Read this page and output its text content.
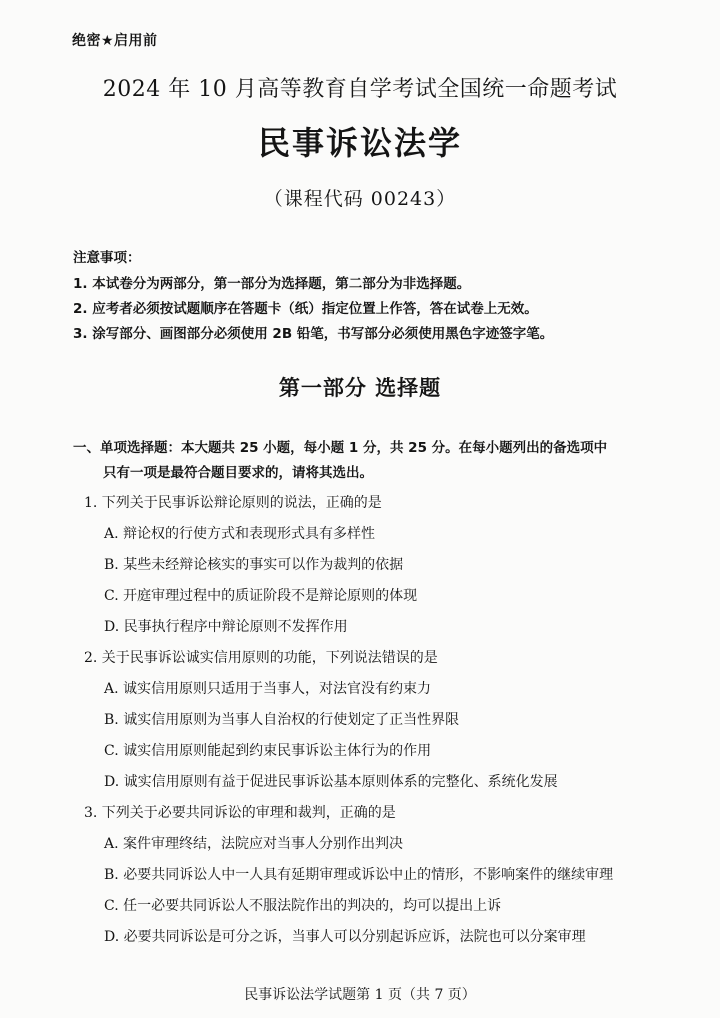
绝密★启用前
2024 年 10 月高等教育自学考试全国统一命题考试
民事诉讼法学
（课程代码 00243）
注意事项：
1. 本试卷分为两部分，第一部分为选择题，第二部分为非选择题。
2. 应考者必须按试题顺序在答题卡（纸）指定位置上作答，答在试卷上无效。
3. 涂写部分、画图部分必须使用 2B 铅笔，书写部分必须使用黑色字迹签字笔。
第一部分 选择题
一、单项选择题：本大题共 25 小题，每小题 1 分，共 25 分。在每小题列出的备选项中
只有一项是最符合题目要求的，请将其选出。
1. 下列关于民事诉讼辩论原则的说法，正确的是
A. 辩论权的行使方式和表现形式具有多样性
B. 某些未经辩论核实的事实可以作为裁判的依据
C. 开庭审理过程中的质证阶段不是辩论原则的体现
D. 民事执行程序中辩论原则不发挥作用
2. 关于民事诉讼诚实信用原则的功能，下列说法错误的是
A. 诚实信用原则只适用于当事人，对法官没有约束力
B. 诚实信用原则为当事人自治权的行使划定了正当性界限
C. 诚实信用原则能起到约束民事诉讼主体行为的作用
D. 诚实信用原则有益于促进民事诉讼基本原则体系的完整化、系统化发展
3. 下列关于必要共同诉讼的审理和裁判，正确的是
A. 案件审理终结，法院应对当事人分别作出判决
B. 必要共同诉讼人中一人具有延期审理或诉讼中止的情形，不影响案件的继续审理
C. 任一必要共同诉讼人不服法院作出的判决的，均可以提出上诉
D. 必要共同诉讼是可分之诉，当事人可以分别起诉应诉，法院也可以分案审理
民事诉讼法学试题第 1 页（共 7 页）
